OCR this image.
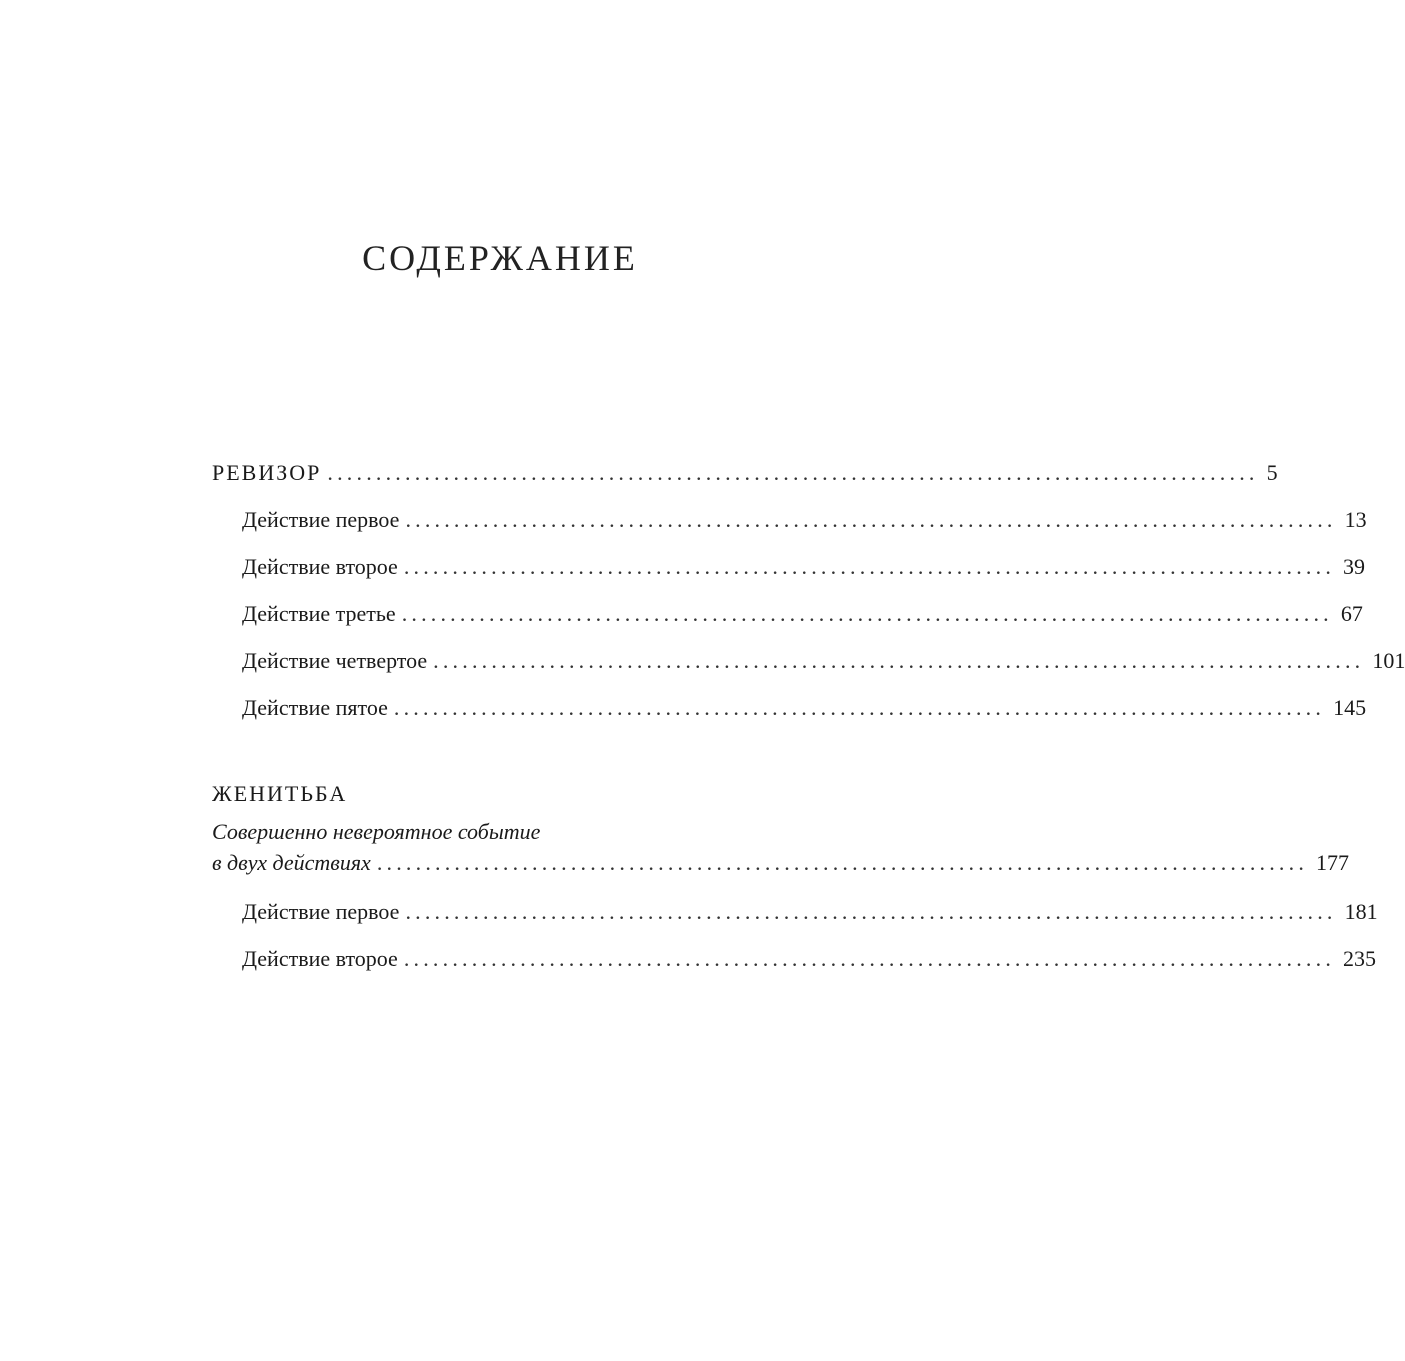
СОДЕРЖАНИЕ
РЕВИЗОР ................................................................................................ 5
Действие первое ................................................................................................ 13
Действие второе ................................................................................................ 39
Действие третье ................................................................................................ 67
Действие четвертое ................................................................................................ 101
Действие пятое ................................................................................................ 145
ЖЕНИТЬБА
Совершенно невероятное событие
в двух действиях ................................................................................................ 177
Действие первое ................................................................................................ 181
Действие второе ................................................................................................ 235
